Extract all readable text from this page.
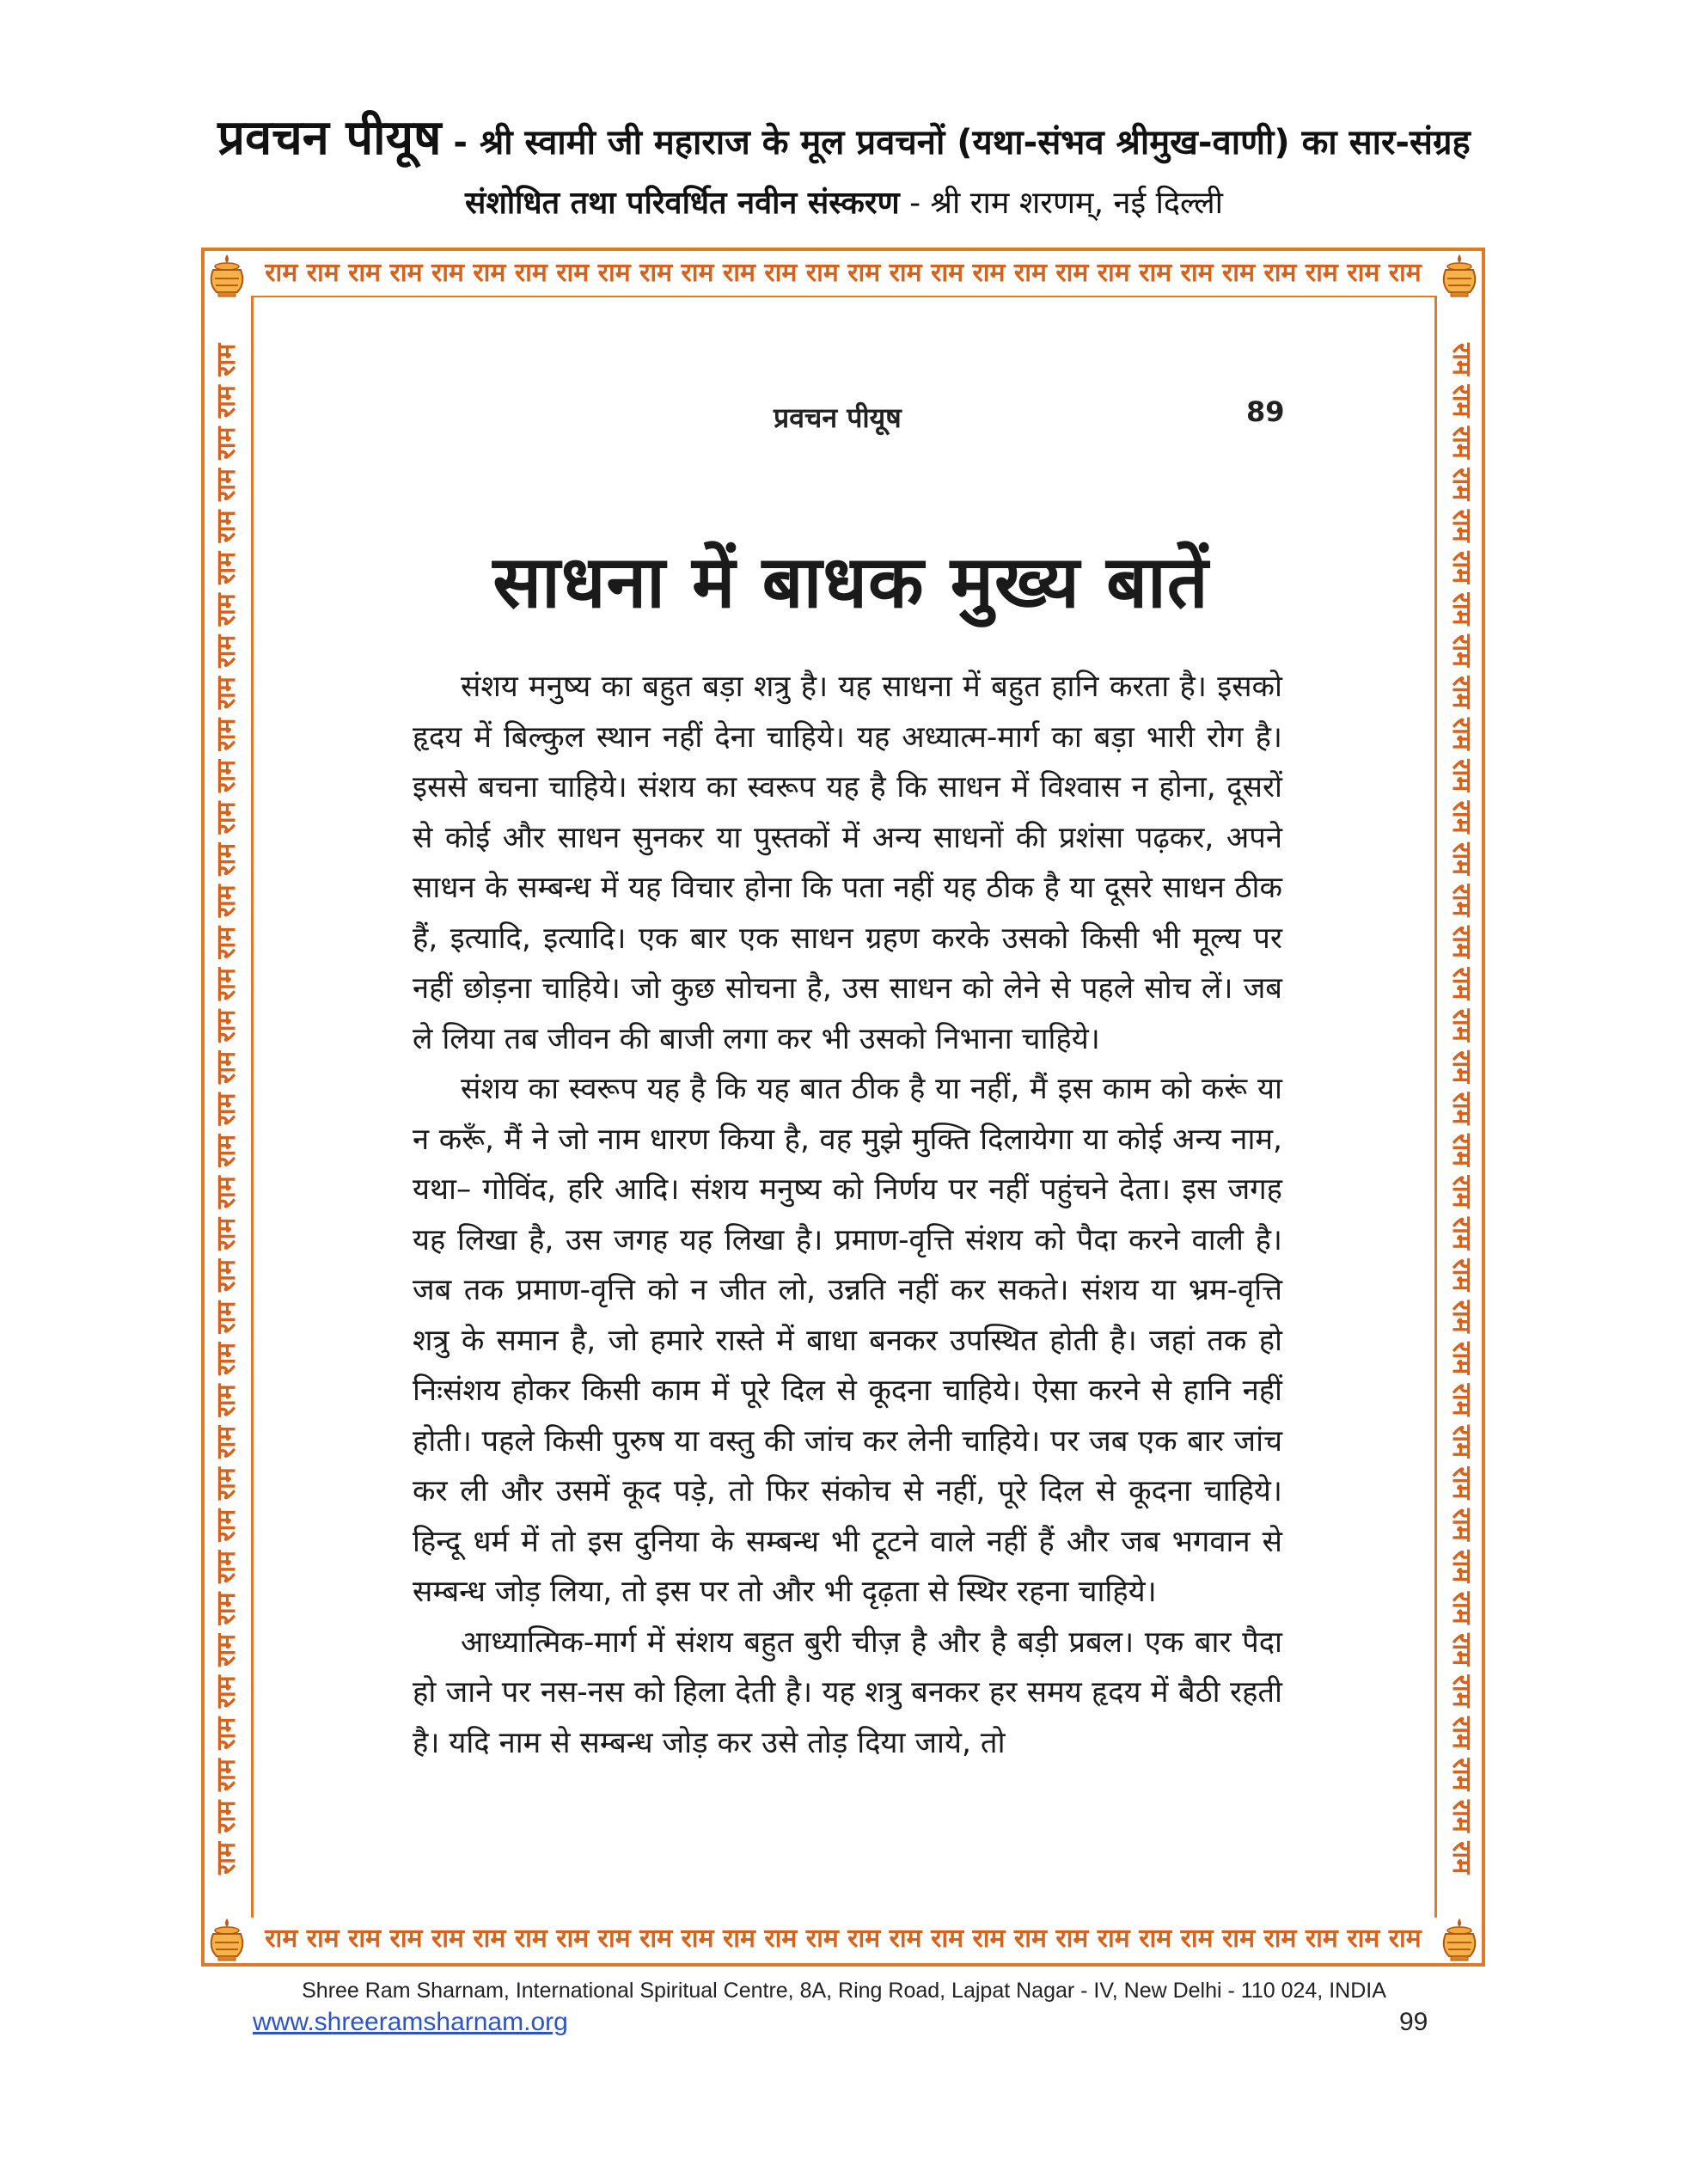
प्रवचन पीयूष - श्री स्वामी जी महाराज के मूल प्रवचनों (यथा-संभव श्रीमुख-वाणी) का सार-संग्रह
संशोधित तथा परिवर्धित नवीन संस्करण - श्री राम शरणम्, नई दिल्ली
राम राम राम राम राम राम राम राम राम राम राम राम राम राम राम राम राम राम राम राम राम राम राम राम राम राम राम राम
राम राम राम राम राम राम राम राम राम राम राम राम राम राम राम राम राम राम राम राम राम राम राम राम राम राम राम राम
राम राम राम राम राम राम राम राम राम राम राम राम राम राम राम राम राम राम राम राम राम राम राम राम राम राम राम राम राम राम राम राम राम राम राम राम राम	राम राम राम राम राम राम राम राम राम राम राम राम राम राम राम राम राम राम राम राम राम राम राम राम राम राम राम राम राम राम राम राम राम राम राम राम राम
प्रवचन पीयूष	89
साधना में बाधक मुख्य बातें

संशय मनुष्य का बहुत बड़ा शत्रु है। यह साधना में बहुत हानि करता है। इसको हृदय में बिल्कुल स्थान नहीं देना चाहिये। यह अध्यात्म-मार्ग का बड़ा भारी रोग है। इससे बचना चाहिये। संशय का स्वरूप यह है कि साधन में विश्वास न होना, दूसरों से कोई और साधन सुनकर या पुस्तकों में अन्य साधनों की प्रशंसा पढ़कर, अपने साधन के सम्बन्ध में यह विचार होना कि पता नहीं यह ठीक है या दूसरे साधन ठीक हैं, इत्यादि, इत्यादि। एक बार एक साधन ग्रहण करके उसको किसी भी मूल्य पर नहीं छोड़ना चाहिये। जो कुछ सोचना है, उस साधन को लेने से पहले सोच लें। जब ले लिया तब जीवन की बाजी लगा कर भी उसको निभाना चाहिये।

संशय का स्वरूप यह है कि यह बात ठीक है या नहीं, मैं इस काम को करूं या न करूँ, मैं ने जो नाम धारण किया है, वह मुझे मुक्ति दिलायेगा या कोई अन्य नाम, यथा– गोविंद, हरि आदि। संशय मनुष्य को निर्णय पर नहीं पहुंचने देता। इस जगह यह लिखा है, उस जगह यह लिखा है। प्रमाण-वृत्ति संशय को पैदा करने वाली है। जब तक प्रमाण-वृत्ति को न जीत लो, उन्नति नहीं कर सकते। संशय या भ्रम-वृत्ति शत्रु के समान है, जो हमारे रास्ते में बाधा बनकर उपस्थित होती है। जहां तक हो निःसंशय होकर किसी काम में पूरे दिल से कूदना चाहिये। ऐसा करने से हानि नहीं होती। पहले किसी पुरुष या वस्तु की जांच कर लेनी चाहिये। पर जब एक बार जांच कर ली और उसमें कूद पड़े, तो फिर संकोच से नहीं, पूरे दिल से कूदना चाहिये। हिन्दू धर्म में तो इस दुनिया के सम्बन्ध भी टूटने वाले नहीं हैं और जब भगवान से सम्बन्ध जोड़ लिया, तो इस पर तो और भी दृढ़ता से स्थिर रहना चाहिये।

आध्यात्मिक-मार्ग में संशय बहुत बुरी चीज़ है और है बड़ी प्रबल। एक बार पैदा हो जाने पर नस-नस को हिला देती है। यह शत्रु बनकर हर समय हृदय में बैठी रहती है। यदि नाम से सम्बन्ध जोड़ कर उसे तोड़ दिया जाये, तो

Shree Ram Sharnam, International Spiritual Centre, 8A, Ring Road, Lajpat Nagar - IV, New Delhi - 110 024, INDIA
www.shreeramsharnam.org	99
